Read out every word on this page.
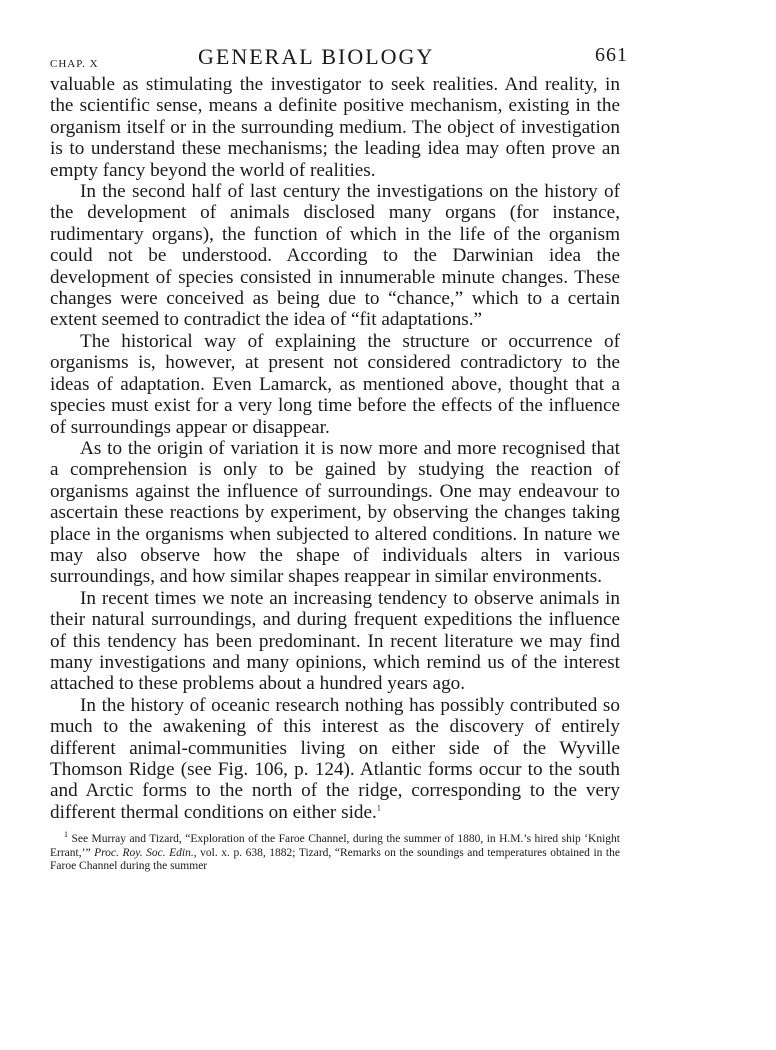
CHAP. X	GENERAL BIOLOGY	661

valuable as stimulating the investigator to seek realities. And reality, in the scientific sense, means a definite positive mechanism, existing in the organism itself or in the surrounding medium. The object of investigation is to understand these mechanisms; the leading idea may often prove an empty fancy beyond the world of realities.

In the second half of last century the investigations on the history of the development of animals disclosed many organs (for instance, rudimentary organs), the function of which in the life of the organism could not be understood. According to the Darwinian idea the development of species consisted in innumerable minute changes. These changes were conceived as being due to “chance,” which to a certain extent seemed to contradict the idea of “fit adaptations.”

The historical way of explaining the structure or occurrence of organisms is, however, at present not considered contradictory to the ideas of adaptation. Even Lamarck, as mentioned above, thought that a species must exist for a very long time before the effects of the influence of surroundings appear or disappear.

As to the origin of variation it is now more and more recognised that a comprehension is only to be gained by studying the reaction of organisms against the influence of surroundings. One may endeavour to ascertain these reactions by experiment, by observing the changes taking place in the organisms when subjected to altered conditions. In nature we may also observe how the shape of individuals alters in various surroundings, and how similar shapes reappear in similar environments.

In recent times we note an increasing tendency to observe animals in their natural surroundings, and during frequent expeditions the influence of this tendency has been predominant. In recent literature we may find many investigations and many opinions, which remind us of the interest attached to these problems about a hundred years ago.

In the history of oceanic research nothing has possibly contributed so much to the awakening of this interest as the discovery of entirely different animal-communities living on either side of the Wyville Thomson Ridge (see Fig. 106, p. 124). Atlantic forms occur to the south and Arctic forms to the north of the ridge, corresponding to the very different thermal conditions on either side.$^1$

$^1$ See Murray and Tizard, “Exploration of the Faroe Channel, during the summer of 1880, in H.M.’s hired ship ‘Knight Errant,’” Proc. Roy. Soc. Edin., vol. x. p. 638, 1882; Tizard, “Remarks on the soundings and temperatures obtained in the Faroe Channel during the summer
